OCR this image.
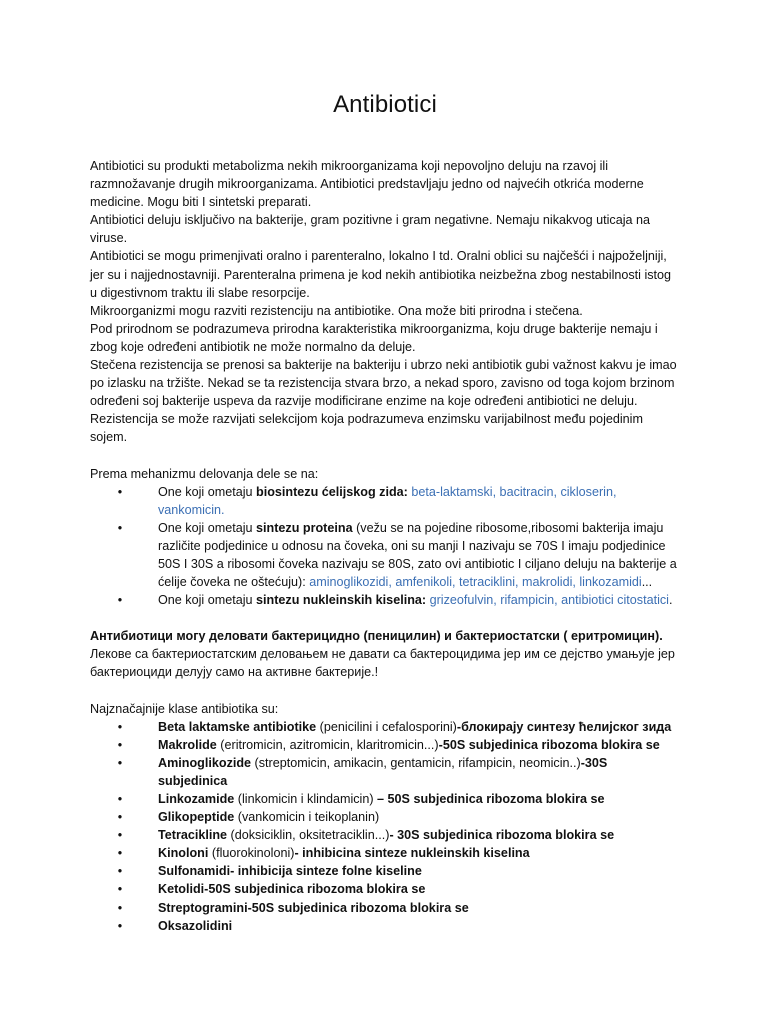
Antibiotici

Antibiotici su produkti metabolizma nekih mikroorganizama koji nepovoljno deluju na rzavoj ili razmnožavanje drugih mikroorganizama. Antibiotici predstavljaju jedno od najvećih otkrića moderne medicine. Mogu biti I sintetski preparati.

Antibiotici deluju isključivo na bakterije, gram pozitivne i gram negativne. Nemaju nikakvog uticaja na viruse.

Antibiotici se mogu primenjivati oralno i parenteralno, lokalno I td. Oralni oblici su najčešći i najpoželjniji, jer su i najjednostavniji. Parenteralna primena je kod nekih antibiotika neizbežna zbog nestabilnosti istog u digestivnom traktu ili slabe resorpcije.

Mikroorganizmi mogu razviti rezistenciju na antibiotike. Ona može biti prirodna i stečena.

Pod prirodnom se podrazumeva prirodna karakteristika mikroorganizma, koju druge bakterije nemaju i zbog koje određeni antibiotik ne može normalno da deluje.

Stečena rezistencija se prenosi sa bakterije na bakteriju i ubrzo neki antibiotik gubi važnost kakvu je imao po izlasku na tržište. Nekad se ta rezistencija stvara brzo, a nekad sporo, zavisno od toga kojom brzinom određeni soj bakterije uspeva da razvije modificirane enzime na koje određeni antibiotici ne deluju.

Rezistencija se može razvijati selekcijom koja podrazumeva enzimsku varijabilnost među pojedinim sojem.

Prema mehanizmu delovanja dele se na:

•	One koji ometaju biosintezu ćelijskog zida: beta-laktamski, bacitracin, cikloserin, vankomicin.
•	One koji ometaju sintezu proteina (vežu se na pojedine ribosome,ribosomi bakterija imaju različite podjedinice u odnosu na čoveka, oni su manji I nazivaju se 70S I imaju podjedinice 50S I 30S a ribosomi čoveka nazivaju se 80S, zato ovi antibiotic I ciljano deluju na bakterije a ćelije čoveka ne oštećuju): aminoglikozidi, amfenikoli, tetraciklini, makrolidi, linkozamidi...
•	One koji ometaju sintezu nukleinskih kiselina: grizeofulvin, rifampicin, antibiotici citostatici.

Антибиотици могу деловати бактерицидно (пеницилин) и бактериостатски ( еритромицин).

Лекове са бактериостатским деловањем не давати са бактероцидима јер им се дејство умањује јер бактериоциди делују само на активне бактерије.!

Najznačajnije klase antibiotika su:

•	Beta laktamske antibiotike (penicilini i cefalosporini)-блокирају синтезу ћелијског зида
•	Makrolide (eritromicin, azitromicin, klaritromicin...)-50S subjedinica ribozoma blokira se
•	Aminoglikozide (streptomicin, amikacin, gentamicin, rifampicin, neomicin..)-30S subjedinica
•	Linkozamide (linkomicin i klindamicin) – 50S subjedinica ribozoma blokira se
•	Glikopeptide (vankomicin i teikoplanin)
•	Tetracikline (doksiciklin, oksitetraciklin...)- 30S subjedinica ribozoma blokira se
•	Kinoloni (fluorokinoloni)- inhibicina sinteze nukleinskih kiselina
•	Sulfonamidi- inhibicija sinteze folne kiseline
•	Ketolidi-50S subjedinica ribozoma blokira se
•	Streptogramini-50S subjedinica ribozoma blokira se
•	Oksazolidini
